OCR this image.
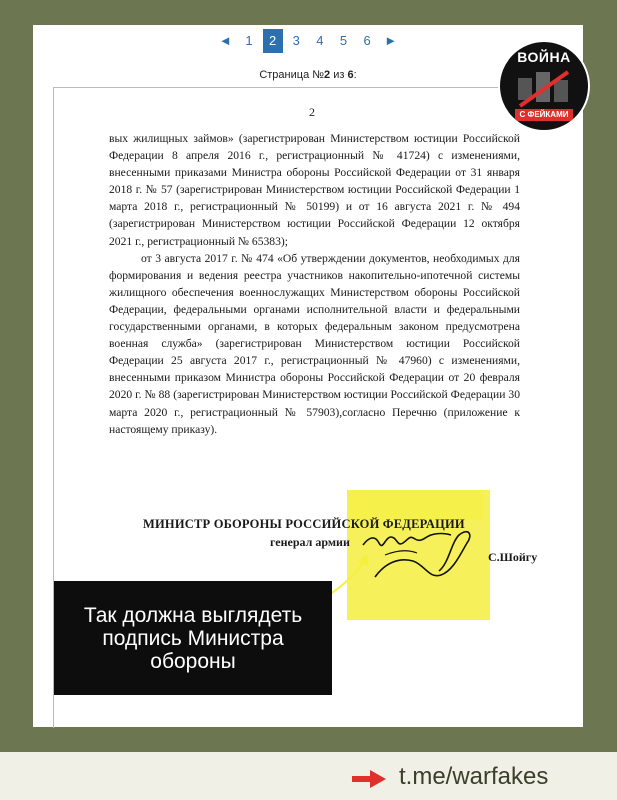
◄ 1 2 3 4 5 6 ►
Страница №2 из 6:
2

вых жилищных займов» (зарегистрирован Министерством юстиции Российской Федерации 8 апреля 2016 г., регистрационный № 41724) с изменениями, внесенными приказами Министра обороны Российской Федерации от 31 января 2018 г. № 57 (зарегистрирован Министерством юстиции Российской Федерации 1 марта 2018 г., регистрационный № 50199) и от 16 августа 2021 г. № 494 (зарегистрирован Министерством юстиции Российской Федерации 12 октября 2021 г., регистрационный № 65383);

от 3 августа 2017 г. № 474 «Об утверждении документов, необходимых для формирования и ведения реестра участников накопительно-ипотечной системы жилищного обеспечения военнослужащих Министерством обороны Российской Федерации, федеральными органами исполнительной власти и федеральными государственными органами, в которых федеральным законом предусмотрена военная служба» (зарегистрирован Министерством юстиции Российской Федерации 25 августа 2017 г., регистрационный № 47960) с изменениями, внесенными приказом Министра обороны Российской Федерации от 20 февраля 2020 г. № 88 (зарегистрирован Министерством юстиции Российской Федерации 30 марта 2020 г., регистрационный № 57903),согласно Перечню (приложение к настоящему приказу).

МИНИСТР ОБОРОНЫ РОССИЙСКОЙ ФЕДЕРАЦИИ
генерал армии
С.Шойгу
Так должна выглядеть
подпись Министра
обороны
ВОЙНА
С ФЕЙКАМИ
t.me/warfakes
